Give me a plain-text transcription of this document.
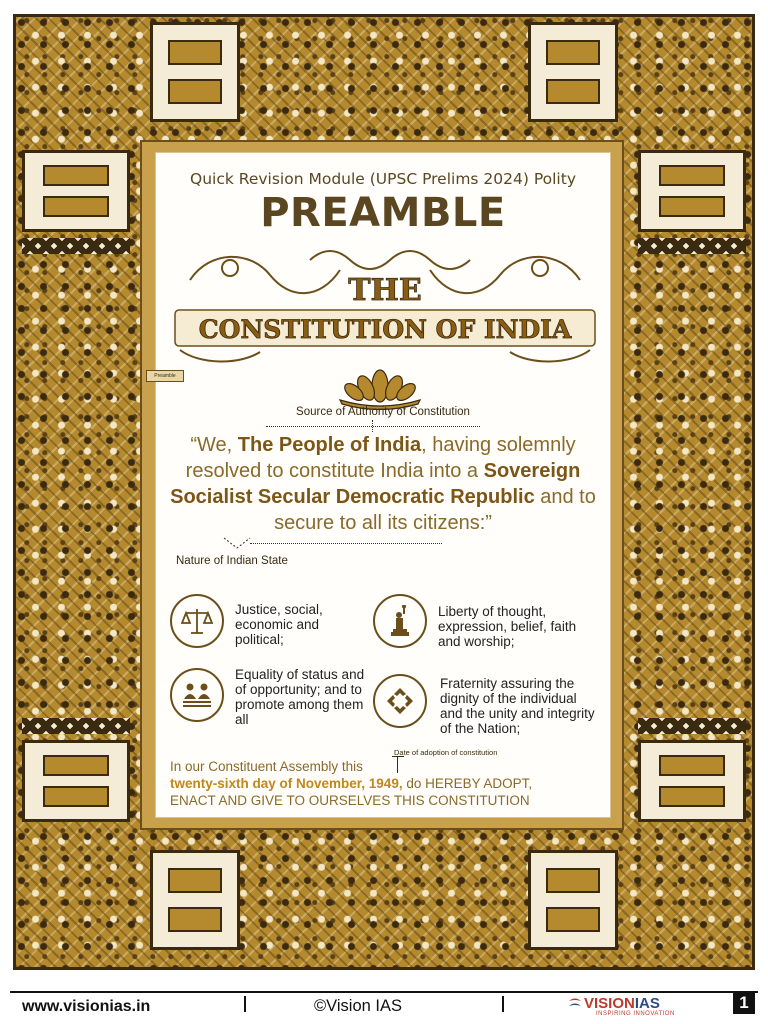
Quick Revision Module (UPSC Prelims 2024) Polity
PREAMBLE
THE
CONSTITUTION OF INDIA
Preamble
Source of Authority of Constitution
“We, The People of India, having solemnly resolved to constitute India into a Sovereign Socialist Secular Democratic Republic and to secure to all its citizens:”
Nature of Indian State
Justice, social, economic and political;
Liberty of thought, expression, belief, faith and worship;
Equality of status and of opportunity; and to promote among them all
Fraternity assuring the dignity of the individual and the unity and integrity of the Nation;
Date of adoption of constitution
In our Constituent Assembly this
twenty-sixth day of November, 1949, do HEREBY ADOPT,
ENACT AND GIVE TO OURSELVES THIS CONSTITUTION
www.visionias.in	©Vision IAS	VISIONIAS
INSPIRING INNOVATION
1
